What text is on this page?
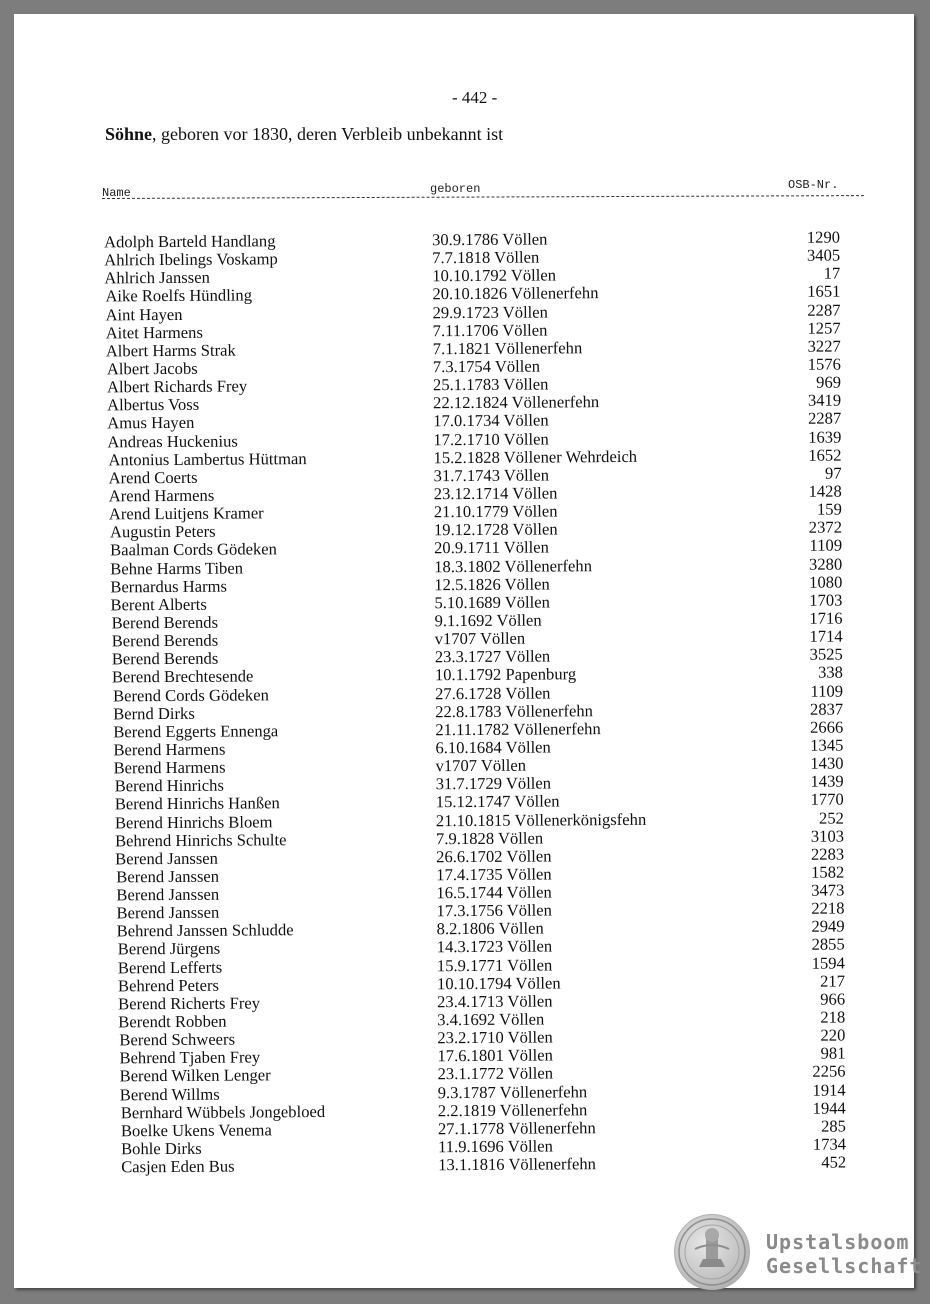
- 442 -
Söhne, geboren vor 1830, deren Verbleib unbekannt ist
Name	geboren	OSB-Nr.
Adolph Barteld Handlang	30.9.1786 Völlen	1290
Ahlrich Ibelings Voskamp	7.7.1818 Völlen	3405
Ahlrich Janssen	10.10.1792 Völlen	17
Aike Roelfs Hündling	20.10.1826 Völlenerfehn	1651
Aint Hayen	29.9.1723 Völlen	2287
Aitet Harmens	7.11.1706 Völlen	1257
Albert Harms Strak	7.1.1821 Völlenerfehn	3227
Albert Jacobs	7.3.1754 Völlen	1576
Albert Richards Frey	25.1.1783 Völlen	969
Albertus Voss	22.12.1824 Völlenerfehn	3419
Amus Hayen	17.0.1734 Völlen	2287
Andreas Huckenius	17.2.1710 Völlen	1639
Antonius Lambertus Hüttman	15.2.1828 Völlener Wehrdeich	1652
Arend Coerts	31.7.1743 Völlen	97
Arend Harmens	23.12.1714 Völlen	1428
Arend Luitjens Kramer	21.10.1779 Völlen	159
Augustin Peters	19.12.1728 Völlen	2372
Baalman Cords Gödeken	20.9.1711 Völlen	1109
Behne Harms Tiben	18.3.1802 Völlenerfehn	3280
Bernardus Harms	12.5.1826 Völlen	1080
Berent Alberts	5.10.1689 Völlen	1703
Berend Berends	9.1.1692 Völlen	1716
Berend Berends	v1707 Völlen	1714
Berend Berends	23.3.1727 Völlen	3525
Berend Brechtesende	10.1.1792 Papenburg	338
Berend Cords Gödeken	27.6.1728 Völlen	1109
Bernd Dirks	22.8.1783 Völlenerfehn	2837
Berend Eggerts Ennenga	21.11.1782 Völlenerfehn	2666
Berend Harmens	6.10.1684 Völlen	1345
Berend Harmens	v1707 Völlen	1430
Berend Hinrichs	31.7.1729 Völlen	1439
Berend Hinrichs Hanßen	15.12.1747 Völlen	1770
Berend Hinrichs Bloem	21.10.1815 Völlenerkönigsfehn	252
Behrend Hinrichs Schulte	7.9.1828 Völlen	3103
Berend Janssen	26.6.1702 Völlen	2283
Berend Janssen	17.4.1735 Völlen	1582
Berend Janssen	16.5.1744 Völlen	3473
Berend Janssen	17.3.1756 Völlen	2218
Behrend Janssen Schludde	8.2.1806 Völlen	2949
Berend Jürgens	14.3.1723 Völlen	2855
Berend Lefferts	15.9.1771 Völlen	1594
Behrend Peters	10.10.1794 Völlen	217
Berend Richerts Frey	23.4.1713 Völlen	966
Berendt Robben	3.4.1692 Völlen	218
Berend Schweers	23.2.1710 Völlen	220
Behrend Tjaben Frey	17.6.1801 Völlen	981
Berend Wilken Lenger	23.1.1772 Völlen	2256
Berend Willms	9.3.1787 Völlenerfehn	1914
Bernhard Wübbels Jongebloed	2.2.1819 Völlenerfehn	1944
Boelke Ukens Venema	27.1.1778 Völlenerfehn	285
Bohle Dirks	11.9.1696 Völlen	1734
Casjen Eden Bus	13.1.1816 Völlenerfehn	452
Upstalsboom
Gesellschaft
